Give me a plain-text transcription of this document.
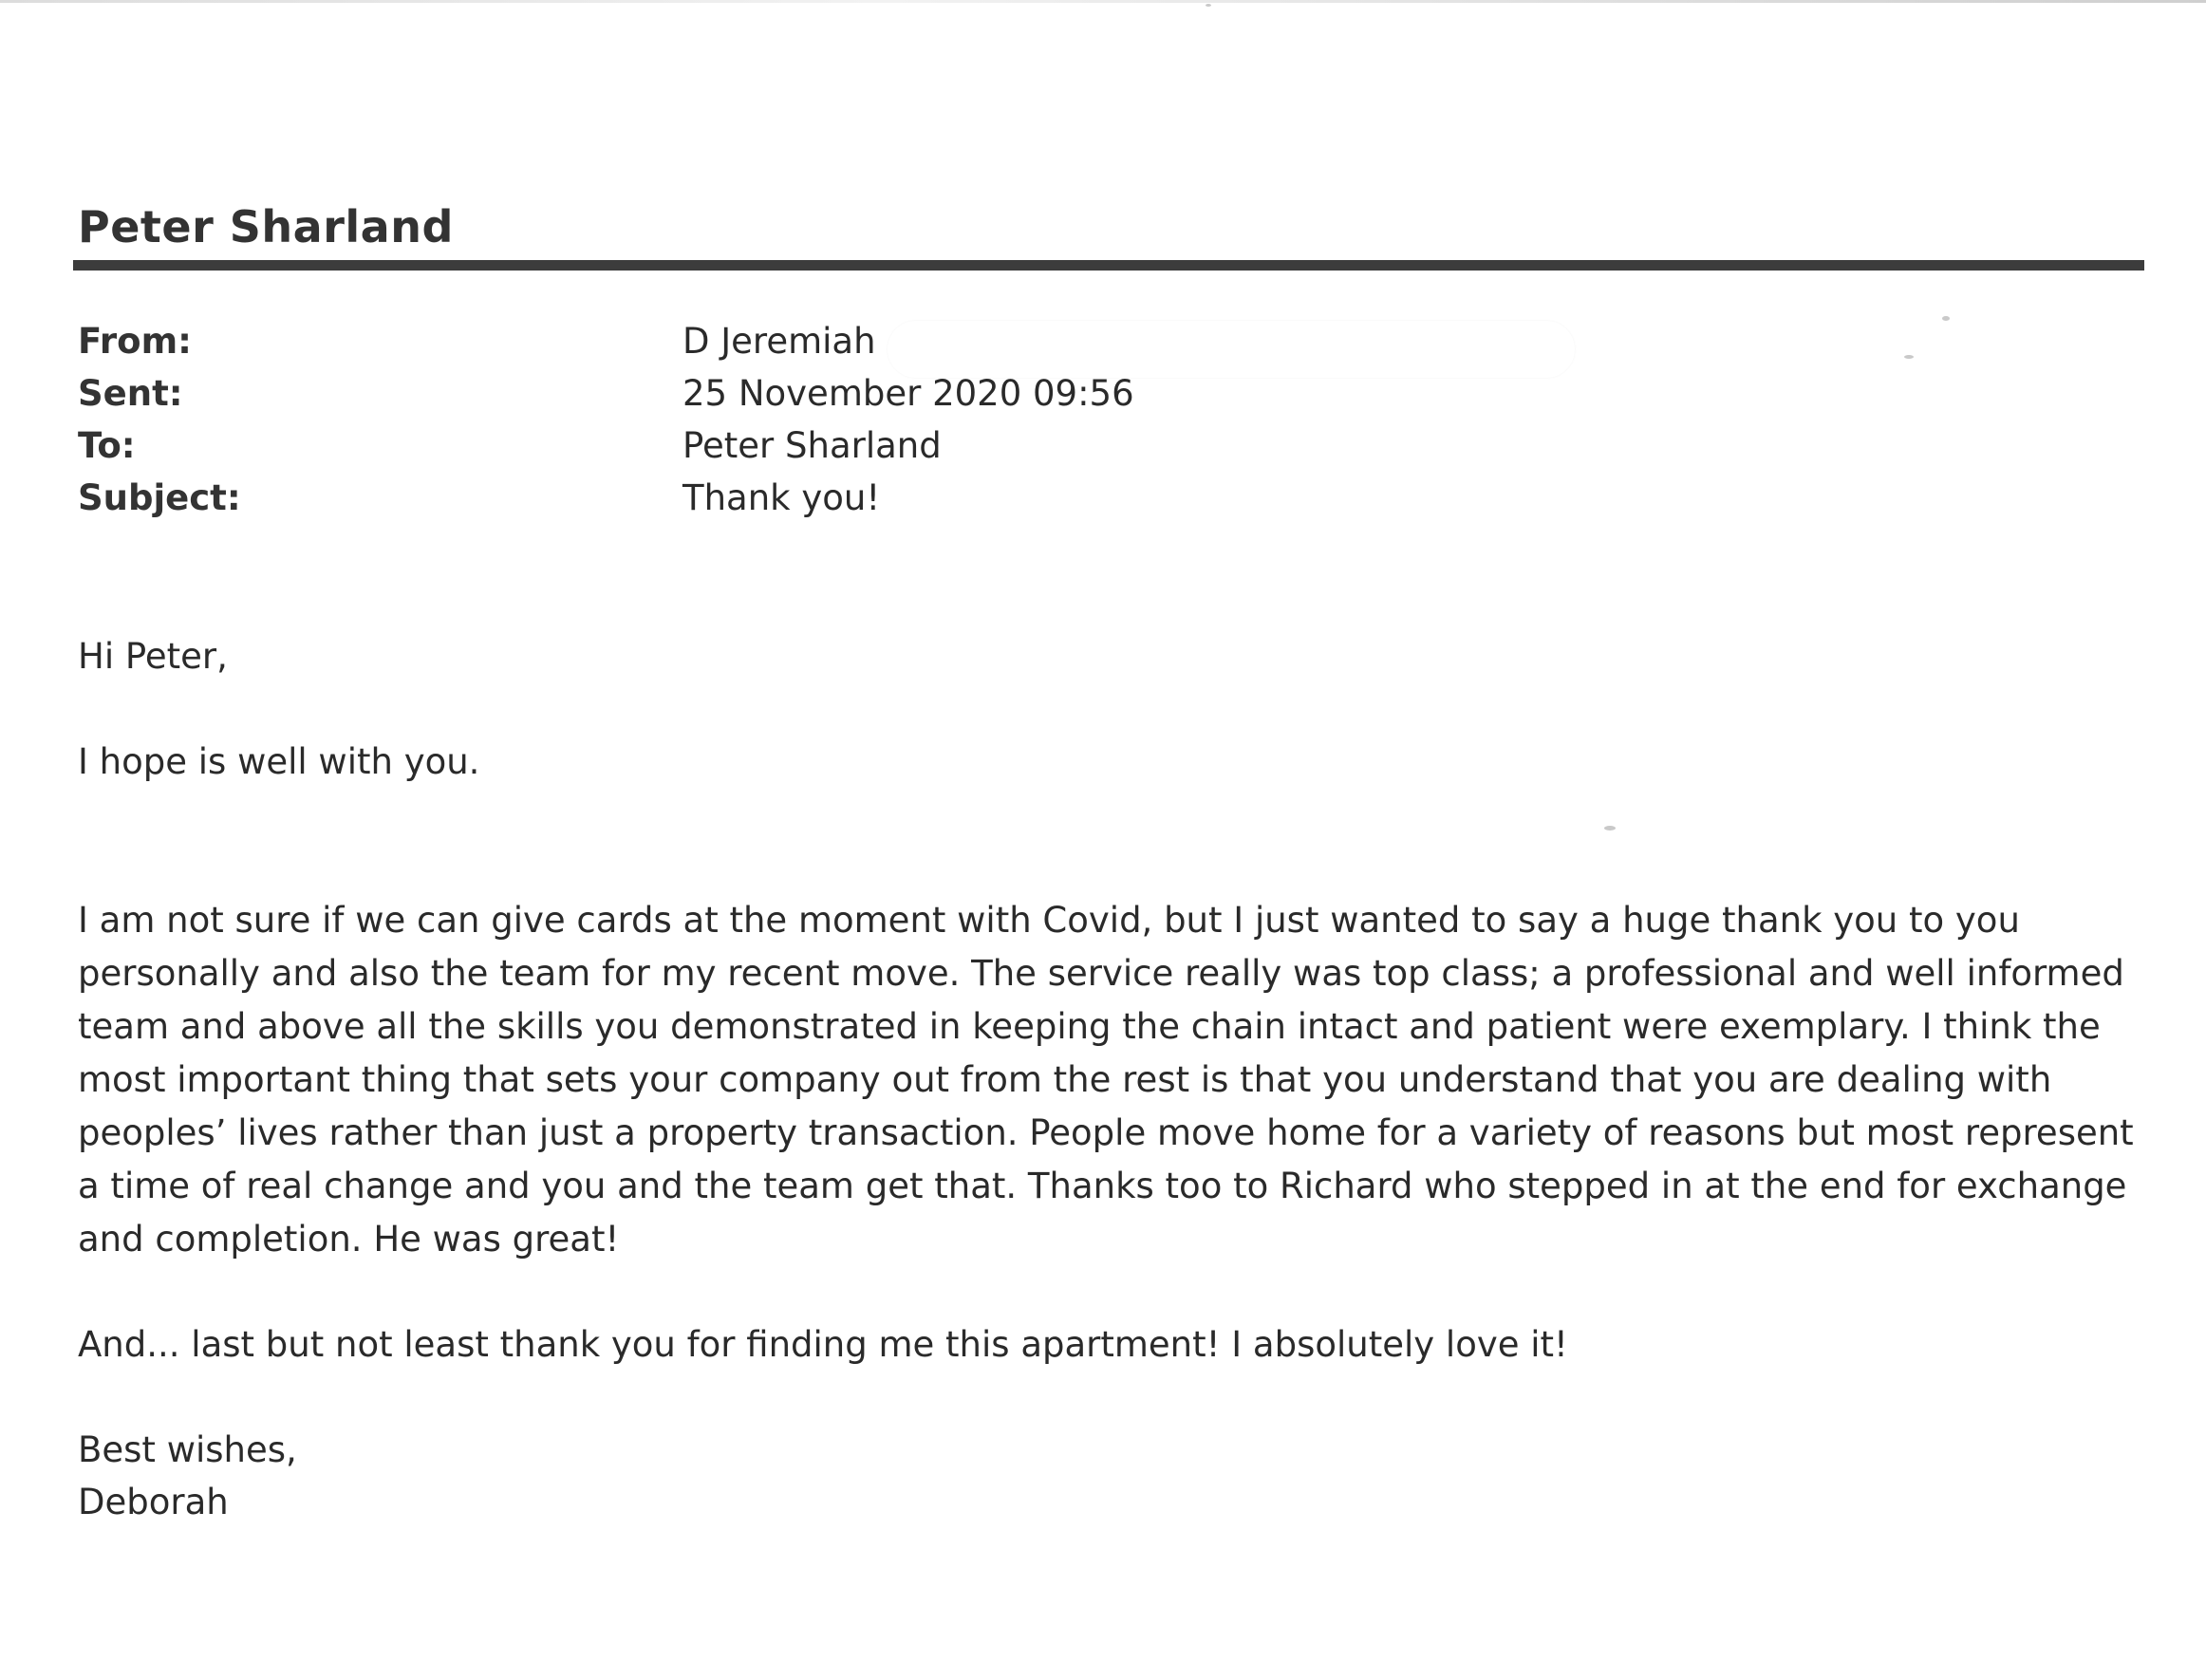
Peter Sharland
From:	D Jeremiah
Sent:	25 November 2020 09:56
To:	Peter Sharland
Subject:	Thank you!
Hi Peter,
I hope is well with you.
I am not sure if we can give cards at the moment with Covid, but I just wanted to say a huge thank you to you
personally and also the team for my recent move. The service really was top class; a professional and well informed
team and above all the skills you demonstrated in keeping the chain intact and patient were exemplary. I think the
most important thing that sets your company out from the rest is that you understand that you are dealing with
peoples’ lives rather than just a property transaction. People move home for a variety of reasons but most represent
a time of real change and you and the team get that. Thanks too to Richard who stepped in at the end for exchange
and completion. He was great!
And... last but not least thank you for finding me this apartment! I absolutely love it!
Best wishes,
Deborah
